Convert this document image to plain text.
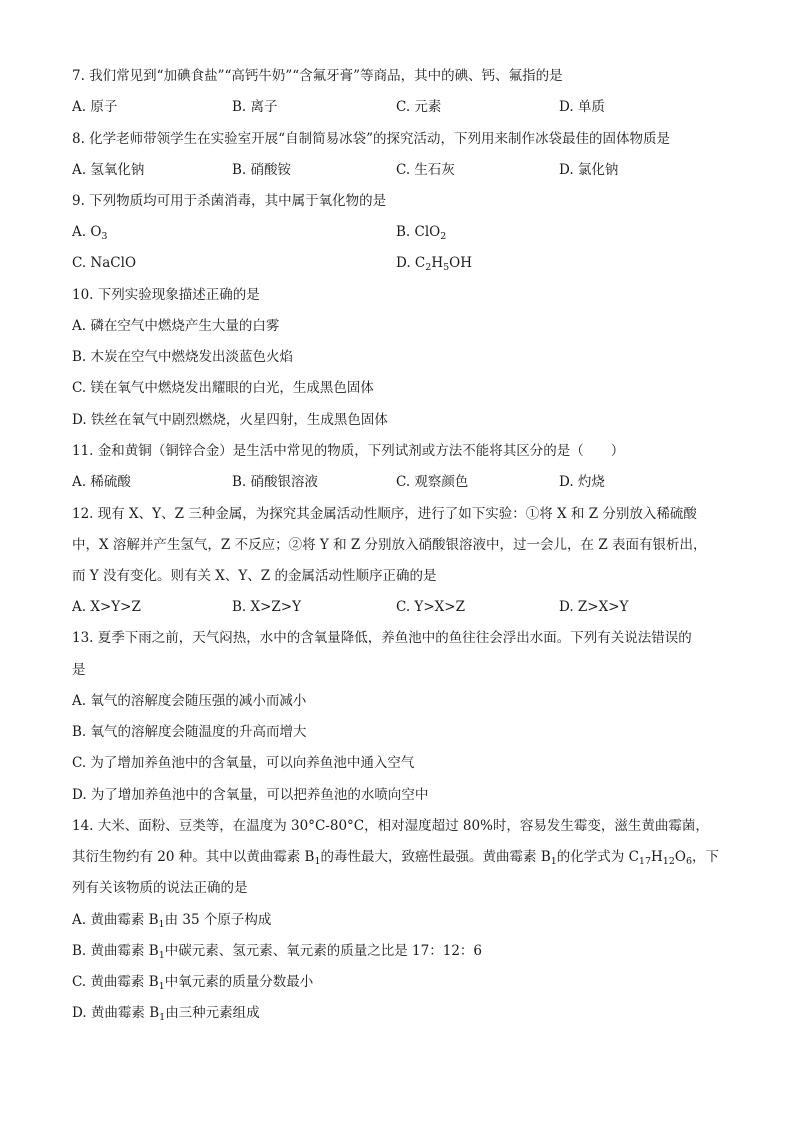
7. 我们常见到“加碘食盐”“高钙牛奶”“含氟牙膏”等商品，其中的碘、钙、氟指的是
A. 原子	B. 离子	C. 元素	D. 单质
8. 化学老师带领学生在实验室开展“自制简易冰袋”的探究活动，下列用来制作冰袋最佳的固体物质是
A. 氢氧化钠	B. 硝酸铵	C. 生石灰	D. 氯化钠
9. 下列物质均可用于杀菌消毒，其中属于氧化物的是
A. $O_3$	B. ClO$_2$
C. NaClO	D. $C_2H_5OH$
10. 下列实验现象描述正确的是
A. 磷在空气中燃烧产生大量的白雾
B. 木炭在空气中燃烧发出淡蓝色火焰
C. 镁在氧气中燃烧发出耀眼的白光，生成黑色固体
D. 铁丝在氧气中剧烈燃烧，火星四射，生成黑色固体
11. 金和黄铜（铜锌合金）是生活中常见的物质，下列试剂或方法不能将其区分的是（　　）
A. 稀硫酸	B. 硝酸银溶液	C. 观察颜色	D. 灼烧
12. 现有 X、Y、Z 三种金属，为探究其金属活动性顺序，进行了如下实验：①将 X 和 Z 分别放入稀硫酸
中，X 溶解并产生氢气，Z 不反应；②将 Y 和 Z 分别放入硝酸银溶液中，过一会儿，在 Z 表面有银析出，
而 Y 没有变化。则有关 X、Y、Z 的金属活动性顺序正确的是
A. X>Y>Z	B. X>Z>Y	C. Y>X>Z	D. Z>X>Y
13. 夏季下雨之前，天气闷热，水中的含氧量降低，养鱼池中的鱼往往会浮出水面。下列有关说法错误的
是
A. 氧气的溶解度会随压强的减小而减小
B. 氧气的溶解度会随温度的升高而增大
C. 为了增加养鱼池中的含氧量，可以向养鱼池中通入空气
D. 为了增加养鱼池中的含氧量，可以把养鱼池的水喷向空中
14. 大米、面粉、豆类等，在温度为 30°C-80°C，相对湿度超过 80%时，容易发生霉变，滋生黄曲霉菌，
其衍生物约有 20 种。其中以黄曲霉素 $B_1$的毒性最大，致癌性最强。黄曲霉素 $B_1$的化学式为 $C_{17}H_{12}O_6$，下
列有关该物质的说法正确的是
A. 黄曲霉素 $B_1$由 35 个原子构成
B. 黄曲霉素 $B_1$中碳元素、氢元素、氧元素的质量之比是 17：12：6
C. 黄曲霉素 $B_1$中氧元素的质量分数最小
D. 黄曲霉素 $B_1$由三种元素组成
